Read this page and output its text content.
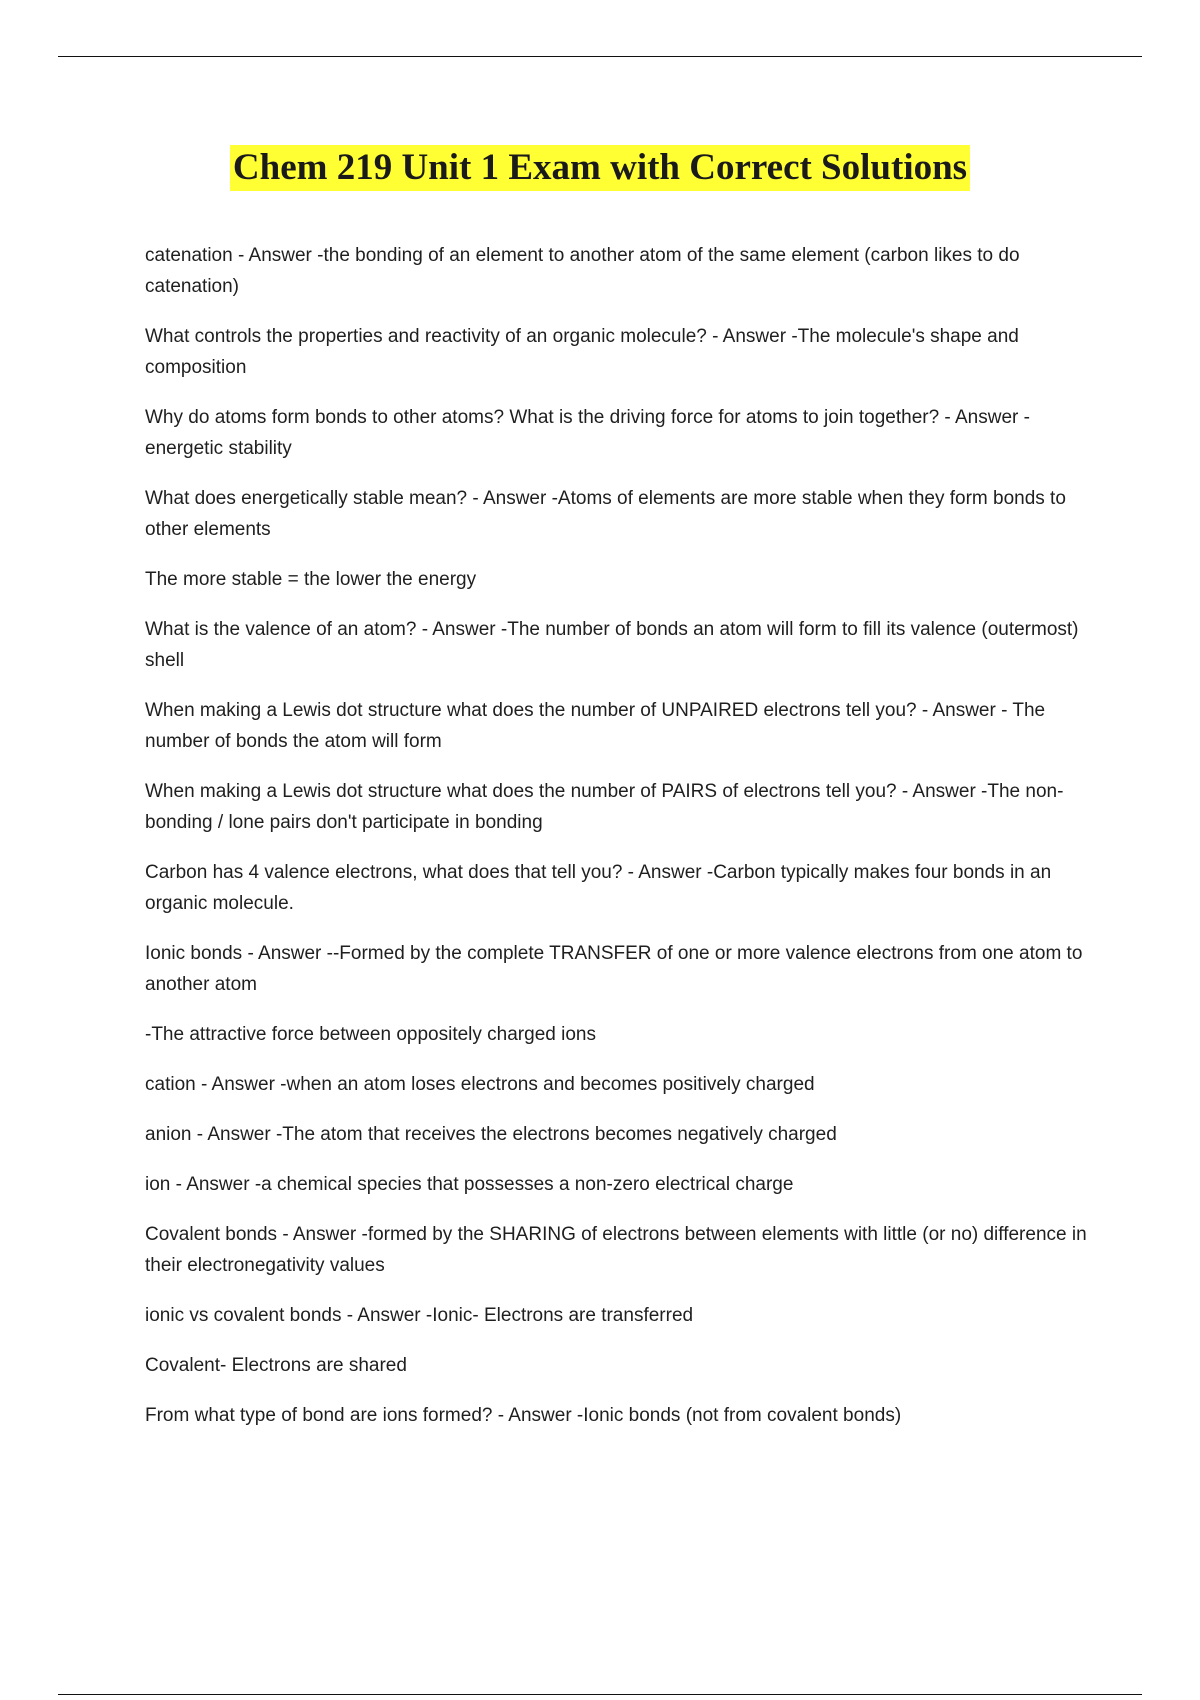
Chem 219 Unit 1 Exam with Correct Solutions

catenation - Answer -the bonding of an element to another atom of the same element (carbon likes to do catenation)

What controls the properties and reactivity of an organic molecule? - Answer -The molecule's shape and composition

Why do atoms form bonds to other atoms? What is the driving force for atoms to join together? - Answer -energetic stability

What does energetically stable mean? - Answer -Atoms of elements are more stable when they form bonds to other elements

The more stable = the lower the energy

What is the valence of an atom? - Answer -The number of bonds an atom will form to fill its valence (outermost) shell

When making a Lewis dot structure what does the number of UNPAIRED electrons tell you? - Answer - The number of bonds the atom will form

When making a Lewis dot structure what does the number of PAIRS of electrons tell you? - Answer -The non-bonding / lone pairs don't participate in bonding

Carbon has 4 valence electrons, what does that tell you? - Answer -Carbon typically makes four bonds in an organic molecule.

Ionic bonds - Answer --Formed by the complete TRANSFER of one or more valence electrons from one atom to another atom

-The attractive force between oppositely charged ions

cation - Answer -when an atom loses electrons and becomes positively charged

anion - Answer -The atom that receives the electrons becomes negatively charged

ion - Answer -a chemical species that possesses a non-zero electrical charge

Covalent bonds - Answer -formed by the SHARING of electrons between elements with little (or no) difference in their electronegativity values

ionic vs covalent bonds - Answer -Ionic- Electrons are transferred

Covalent- Electrons are shared

From what type of bond are ions formed? - Answer -Ionic bonds (not from covalent bonds)
